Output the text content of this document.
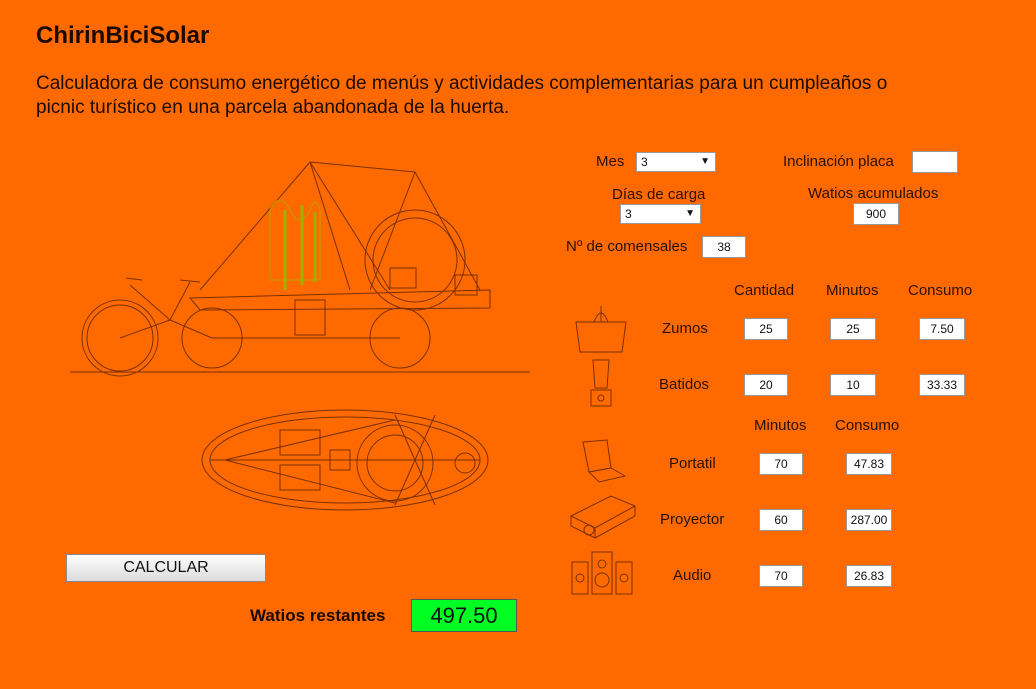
ChirinBiciSolar
Calculadora de consumo energético de menús y actividades complementarias para un cumpleaños o picnic turístico en una parcela abandonada de la huerta.
Mes	3	▼	Inclinación placa
Días de carga
3	▼
Watios acumulados
900
Nº de comensales	38
Cantidad Minutos Consumo
Zumos	25	25	7.50
Batidos	20	10	33.33
Minutos Consumo
Portatil	70	47.83
Proyector	60	287.00
Audio	70	26.83
CALCULAR
Watios restantes	497.50
